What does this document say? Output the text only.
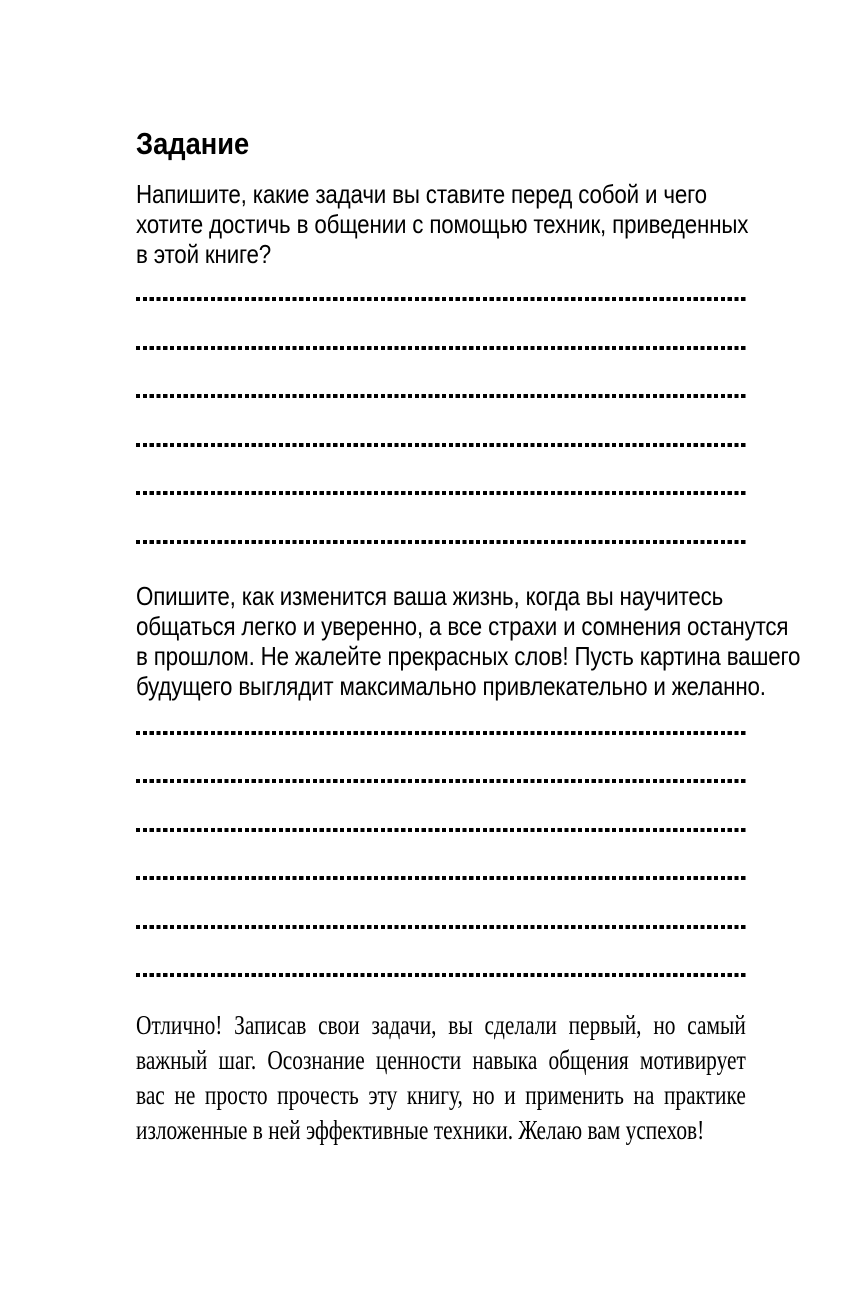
Задание
Напишите, какие задачи вы ставите перед собой и чего
хотите достичь в общении с помощью техник, приведенных
в этой книге?
Опишите, как изменится ваша жизнь, когда вы научитесь
общаться легко и уверенно, а все страхи и сомнения останутся
в прошлом. Не жалейте прекрасных слов! Пусть картина вашего
будущего выглядит максимально привлекательно и желанно.
Отлично! Записав свои задачи, вы сделали первый, но самый
важный шаг. Осознание ценности навыка общения мотивирует
вас не просто прочесть эту книгу, но и применить на практике
изложенные в ней эффективные техники. Желаю вам успехов!
